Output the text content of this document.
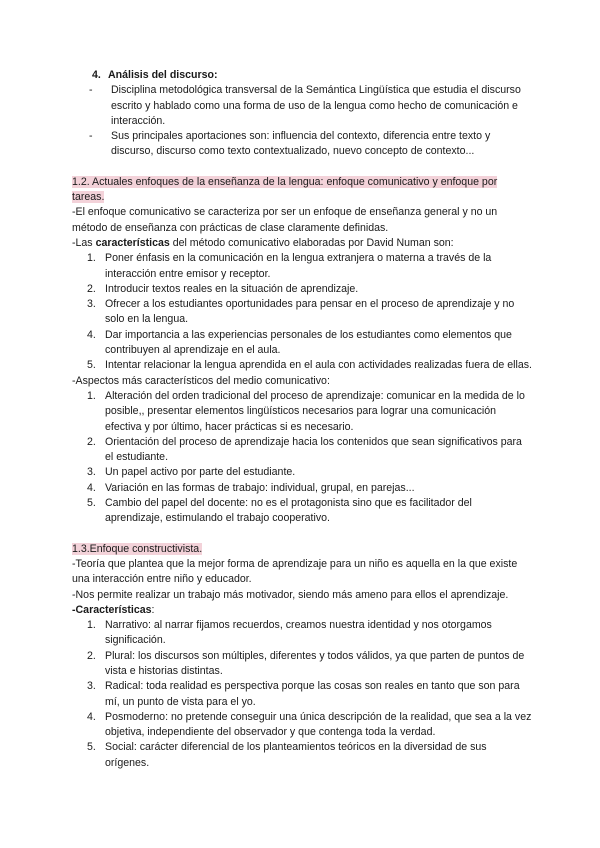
4. Análisis del discurso:
-	Disciplina metodológica transversal de la Semántica Lingüística que estudia el discurso escrito y hablado como una forma de uso de la lengua como hecho de comunicación e interacción.
-	Sus principales aportaciones son: influencia del contexto, diferencia entre texto y discurso, discurso como texto contextualizado, nuevo concepto de contexto...
1.2. Actuales enfoques de la enseñanza de la lengua: enfoque comunicativo y enfoque por tareas.

-El enfoque comunicativo se caracteriza por ser un enfoque de enseñanza general y no un método de enseñanza con prácticas de clase claramente definidas.

-Las características del método comunicativo elaboradas por David Numan son:

1. Poner énfasis en la comunicación en la lengua extranjera o materna a través de la interacción entre emisor y receptor.
2. Introducir textos reales en la situación de aprendizaje.
3. Ofrecer a los estudiantes oportunidades para pensar en el proceso de aprendizaje y no solo en la lengua.
4. Dar importancia a las experiencias personales de los estudiantes como elementos que contribuyen al aprendizaje en el aula.
5. Intentar relacionar la lengua aprendida en el aula con actividades realizadas fuera de ellas.

-Aspectos más característicos del medio comunicativo:

1. Alteración del orden tradicional del proceso de aprendizaje: comunicar en la medida de lo posible,, presentar elementos lingüísticos necesarios para lograr una comunicación efectiva y por último, hacer prácticas si es necesario.
2. Orientación del proceso de aprendizaje hacia los contenidos que sean significativos para el estudiante.
3. Un papel activo por parte del estudiante.
4. Variación en las formas de trabajo: individual, grupal, en parejas...
5. Cambio del papel del docente: no es el protagonista sino que es facilitador del aprendizaje, estimulando el trabajo cooperativo.
1.3.Enfoque constructivista.

-Teoría que plantea que la mejor forma de aprendizaje para un niño es aquella en la que existe una interacción entre niño y educador.

-Nos permite realizar un trabajo más motivador, siendo más ameno para ellos el aprendizaje.

-Características:

1. Narrativo: al narrar fijamos recuerdos, creamos nuestra identidad y nos otorgamos significación.
2. Plural: los discursos son múltiples, diferentes y todos válidos, ya que parten de puntos de vista e historias distintas.
3. Radical: toda realidad es perspectiva porque las cosas son reales en tanto que son para mí, un punto de vista para el yo.
4. Posmoderno: no pretende conseguir una única descripción de la realidad, que sea a la vez objetiva, independiente del observador y que contenga toda la verdad.
5. Social: carácter diferencial de los planteamientos teóricos en la diversidad de sus orígenes.
